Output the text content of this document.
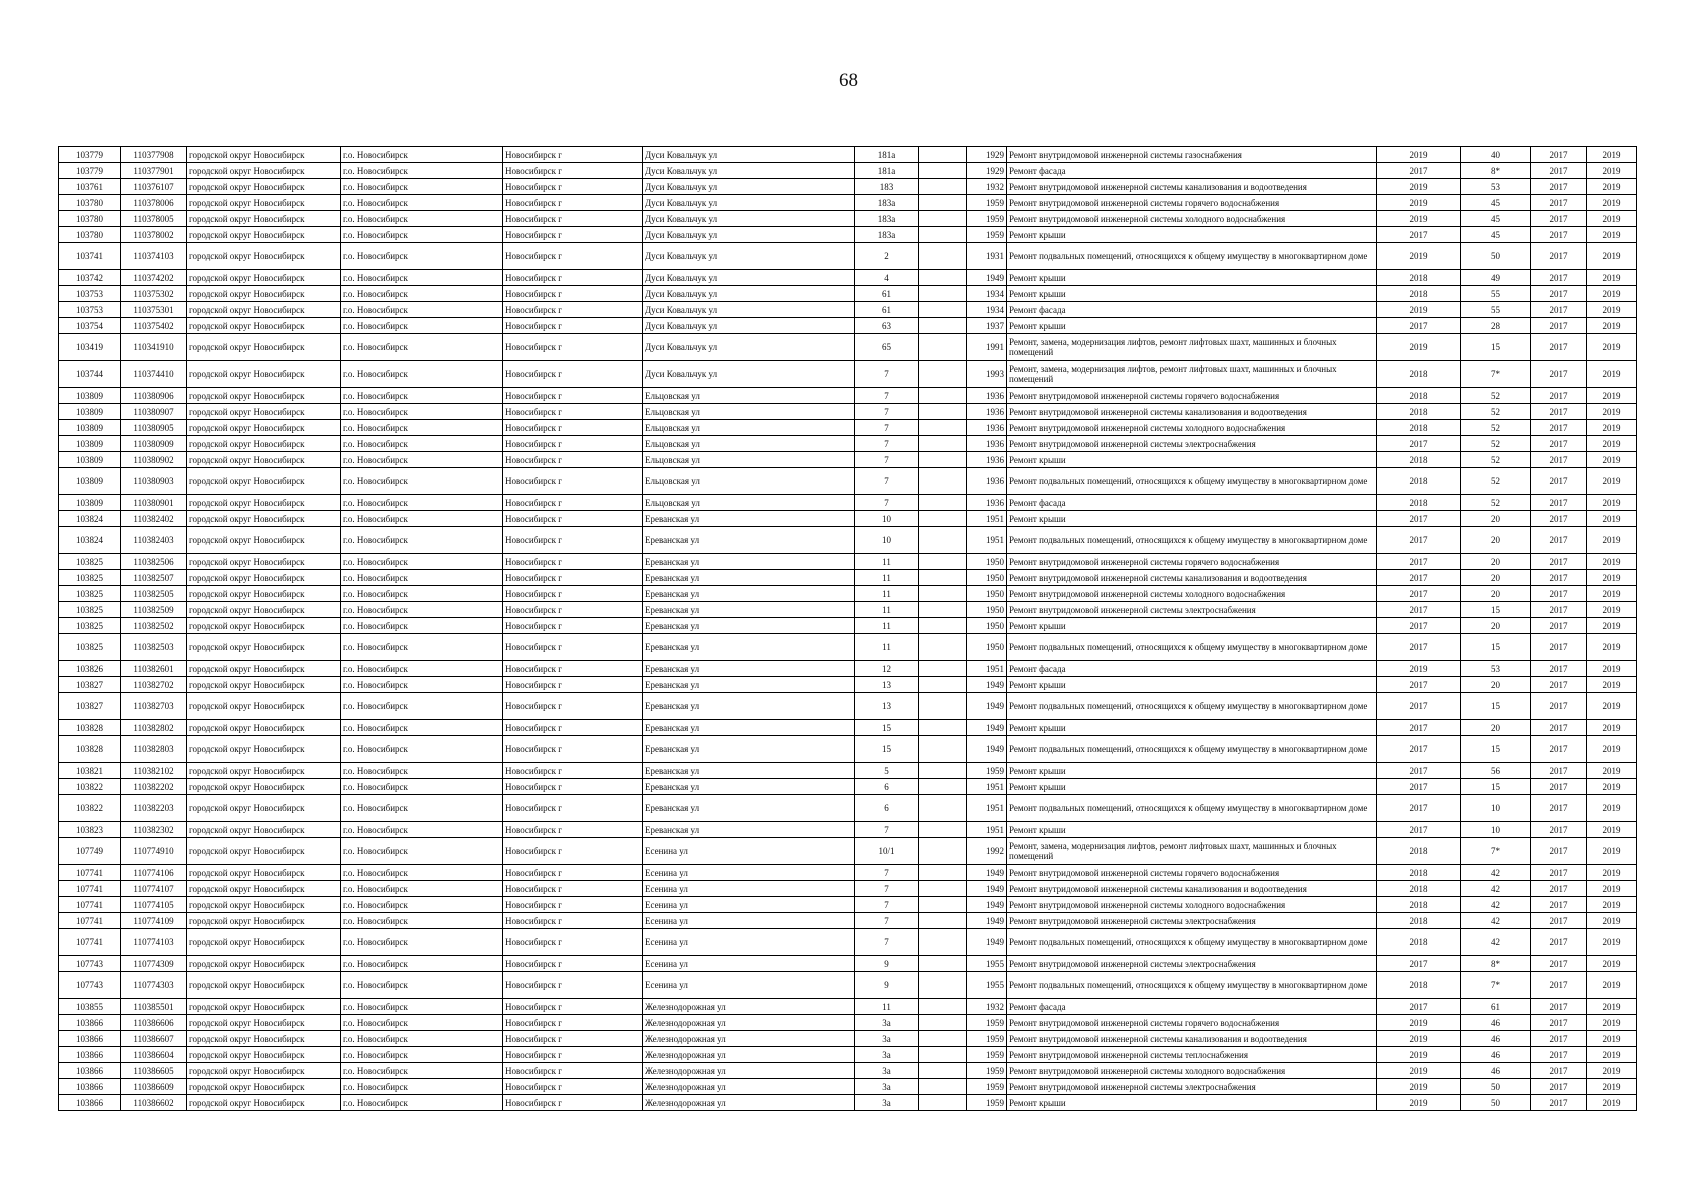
68
103779	110377908	городской округ Новосибирск	г.о. Новосибирск	Новосибирск г	Дуси Ковальчук ул	181а		1929	Ремонт внутридомовой инженерной системы газоснабжения	2019	40	2017	2019
103779	110377901	городской округ Новосибирск	г.о. Новосибирск	Новосибирск г	Дуси Ковальчук ул	181а		1929	Ремонт фасада	2017	8*	2017	2019
103761	110376107	городской округ Новосибирск	г.о. Новосибирск	Новосибирск г	Дуси Ковальчук ул	183		1932	Ремонт внутридомовой инженерной системы канализования и водоотведения	2019	53	2017	2019
103780	110378006	городской округ Новосибирск	г.о. Новосибирск	Новосибирск г	Дуси Ковальчук ул	183а		1959	Ремонт внутридомовой инженерной системы горячего водоснабжения	2019	45	2017	2019
103780	110378005	городской округ Новосибирск	г.о. Новосибирск	Новосибирск г	Дуси Ковальчук ул	183а		1959	Ремонт внутридомовой инженерной системы холодного водоснабжения	2019	45	2017	2019
103780	110378002	городской округ Новосибирск	г.о. Новосибирск	Новосибирск г	Дуси Ковальчук ул	183а		1959	Ремонт крыши	2017	45	2017	2019
103741	110374103	городской округ Новосибирск	г.о. Новосибирск	Новосибирск г	Дуси Ковальчук ул	2		1931	Ремонт подвальных помещений, относящихся к общему имуществу в многоквартирном доме	2019	50	2017	2019
103742	110374202	городской округ Новосибирск	г.о. Новосибирск	Новосибирск г	Дуси Ковальчук ул	4		1949	Ремонт крыши	2018	49	2017	2019
103753	110375302	городской округ Новосибирск	г.о. Новосибирск	Новосибирск г	Дуси Ковальчук ул	61		1934	Ремонт крыши	2018	55	2017	2019
103753	110375301	городской округ Новосибирск	г.о. Новосибирск	Новосибирск г	Дуси Ковальчук ул	61		1934	Ремонт фасада	2019	55	2017	2019
103754	110375402	городской округ Новосибирск	г.о. Новосибирск	Новосибирск г	Дуси Ковальчук ул	63		1937	Ремонт крыши	2017	28	2017	2019
103419	110341910	городской округ Новосибирск	г.о. Новосибирск	Новосибирск г	Дуси Ковальчук ул	65		1991	Ремонт, замена, модернизация лифтов, ремонт лифтовых шахт, машинных и блочных помещений	2019	15	2017	2019
103744	110374410	городской округ Новосибирск	г.о. Новосибирск	Новосибирск г	Дуси Ковальчук ул	7		1993	Ремонт, замена, модернизация лифтов, ремонт лифтовых шахт, машинных и блочных помещений	2018	7*	2017	2019
103809	110380906	городской округ Новосибирск	г.о. Новосибирск	Новосибирск г	Ельцовская ул	7		1936	Ремонт внутридомовой инженерной системы горячего водоснабжения	2018	52	2017	2019
103809	110380907	городской округ Новосибирск	г.о. Новосибирск	Новосибирск г	Ельцовская ул	7		1936	Ремонт внутридомовой инженерной системы канализования и водоотведения	2018	52	2017	2019
103809	110380905	городской округ Новосибирск	г.о. Новосибирск	Новосибирск г	Ельцовская ул	7		1936	Ремонт внутридомовой инженерной системы холодного водоснабжения	2018	52	2017	2019
103809	110380909	городской округ Новосибирск	г.о. Новосибирск	Новосибирск г	Ельцовская ул	7		1936	Ремонт внутридомовой инженерной системы электроснабжения	2017	52	2017	2019
103809	110380902	городской округ Новосибирск	г.о. Новосибирск	Новосибирск г	Ельцовская ул	7		1936	Ремонт крыши	2018	52	2017	2019
103809	110380903	городской округ Новосибирск	г.о. Новосибирск	Новосибирск г	Ельцовская ул	7		1936	Ремонт подвальных помещений, относящихся к общему имуществу в многоквартирном доме	2018	52	2017	2019
103809	110380901	городской округ Новосибирск	г.о. Новосибирск	Новосибирск г	Ельцовская ул	7		1936	Ремонт фасада	2018	52	2017	2019
103824	110382402	городской округ Новосибирск	г.о. Новосибирск	Новосибирск г	Ереванская ул	10		1951	Ремонт крыши	2017	20	2017	2019
103824	110382403	городской округ Новосибирск	г.о. Новосибирск	Новосибирск г	Ереванская ул	10		1951	Ремонт подвальных помещений, относящихся к общему имуществу в многоквартирном доме	2017	20	2017	2019
103825	110382506	городской округ Новосибирск	г.о. Новосибирск	Новосибирск г	Ереванская ул	11		1950	Ремонт внутридомовой инженерной системы горячего водоснабжения	2017	20	2017	2019
103825	110382507	городской округ Новосибирск	г.о. Новосибирск	Новосибирск г	Ереванская ул	11		1950	Ремонт внутридомовой инженерной системы канализования и водоотведения	2017	20	2017	2019
103825	110382505	городской округ Новосибирск	г.о. Новосибирск	Новосибирск г	Ереванская ул	11		1950	Ремонт внутридомовой инженерной системы холодного водоснабжения	2017	20	2017	2019
103825	110382509	городской округ Новосибирск	г.о. Новосибирск	Новосибирск г	Ереванская ул	11		1950	Ремонт внутридомовой инженерной системы электроснабжения	2017	15	2017	2019
103825	110382502	городской округ Новосибирск	г.о. Новосибирск	Новосибирск г	Ереванская ул	11		1950	Ремонт крыши	2017	20	2017	2019
103825	110382503	городской округ Новосибирск	г.о. Новосибирск	Новосибирск г	Ереванская ул	11		1950	Ремонт подвальных помещений, относящихся к общему имуществу в многоквартирном доме	2017	15	2017	2019
103826	110382601	городской округ Новосибирск	г.о. Новосибирск	Новосибирск г	Ереванская ул	12		1951	Ремонт фасада	2019	53	2017	2019
103827	110382702	городской округ Новосибирск	г.о. Новосибирск	Новосибирск г	Ереванская ул	13		1949	Ремонт крыши	2017	20	2017	2019
103827	110382703	городской округ Новосибирск	г.о. Новосибирск	Новосибирск г	Ереванская ул	13		1949	Ремонт подвальных помещений, относящихся к общему имуществу в многоквартирном доме	2017	15	2017	2019
103828	110382802	городской округ Новосибирск	г.о. Новосибирск	Новосибирск г	Ереванская ул	15		1949	Ремонт крыши	2017	20	2017	2019
103828	110382803	городской округ Новосибирск	г.о. Новосибирск	Новосибирск г	Ереванская ул	15		1949	Ремонт подвальных помещений, относящихся к общему имуществу в многоквартирном доме	2017	15	2017	2019
103821	110382102	городской округ Новосибирск	г.о. Новосибирск	Новосибирск г	Ереванская ул	5		1959	Ремонт крыши	2017	56	2017	2019
103822	110382202	городской округ Новосибирск	г.о. Новосибирск	Новосибирск г	Ереванская ул	6		1951	Ремонт крыши	2017	15	2017	2019
103822	110382203	городской округ Новосибирск	г.о. Новосибирск	Новосибирск г	Ереванская ул	6		1951	Ремонт подвальных помещений, относящихся к общему имуществу в многоквартирном доме	2017	10	2017	2019
103823	110382302	городской округ Новосибирск	г.о. Новосибирск	Новосибирск г	Ереванская ул	7		1951	Ремонт крыши	2017	10	2017	2019
107749	110774910	городской округ Новосибирск	г.о. Новосибирск	Новосибирск г	Есенина ул	10/1		1992	Ремонт, замена, модернизация лифтов, ремонт лифтовых шахт, машинных и блочных помещений	2018	7*	2017	2019
107741	110774106	городской округ Новосибирск	г.о. Новосибирск	Новосибирск г	Есенина ул	7		1949	Ремонт внутридомовой инженерной системы горячего водоснабжения	2018	42	2017	2019
107741	110774107	городской округ Новосибирск	г.о. Новосибирск	Новосибирск г	Есенина ул	7		1949	Ремонт внутридомовой инженерной системы канализования и водоотведения	2018	42	2017	2019
107741	110774105	городской округ Новосибирск	г.о. Новосибирск	Новосибирск г	Есенина ул	7		1949	Ремонт внутридомовой инженерной системы холодного водоснабжения	2018	42	2017	2019
107741	110774109	городской округ Новосибирск	г.о. Новосибирск	Новосибирск г	Есенина ул	7		1949	Ремонт внутридомовой инженерной системы электроснабжения	2018	42	2017	2019
107741	110774103	городской округ Новосибирск	г.о. Новосибирск	Новосибирск г	Есенина ул	7		1949	Ремонт подвальных помещений, относящихся к общему имуществу в многоквартирном доме	2018	42	2017	2019
107743	110774309	городской округ Новосибирск	г.о. Новосибирск	Новосибирск г	Есенина ул	9		1955	Ремонт внутридомовой инженерной системы электроснабжения	2017	8*	2017	2019
107743	110774303	городской округ Новосибирск	г.о. Новосибирск	Новосибирск г	Есенина ул	9		1955	Ремонт подвальных помещений, относящихся к общему имуществу в многоквартирном доме	2018	7*	2017	2019
103855	110385501	городской округ Новосибирск	г.о. Новосибирск	Новосибирск г	Железнодорожная ул	11		1932	Ремонт фасада	2017	61	2017	2019
103866	110386606	городской округ Новосибирск	г.о. Новосибирск	Новосибирск г	Железнодорожная ул	3а		1959	Ремонт внутридомовой инженерной системы горячего водоснабжения	2019	46	2017	2019
103866	110386607	городской округ Новосибирск	г.о. Новосибирск	Новосибирск г	Железнодорожная ул	3а		1959	Ремонт внутридомовой инженерной системы канализования и водоотведения	2019	46	2017	2019
103866	110386604	городской округ Новосибирск	г.о. Новосибирск	Новосибирск г	Железнодорожная ул	3а		1959	Ремонт внутридомовой инженерной системы теплоснабжения	2019	46	2017	2019
103866	110386605	городской округ Новосибирск	г.о. Новосибирск	Новосибирск г	Железнодорожная ул	3а		1959	Ремонт внутридомовой инженерной системы холодного водоснабжения	2019	46	2017	2019
103866	110386609	городской округ Новосибирск	г.о. Новосибирск	Новосибирск г	Железнодорожная ул	3а		1959	Ремонт внутридомовой инженерной системы электроснабжения	2019	50	2017	2019
103866	110386602	городской округ Новосибирск	г.о. Новосибирск	Новосибирск г	Железнодорожная ул	3а		1959	Ремонт крыши	2019	50	2017	2019
